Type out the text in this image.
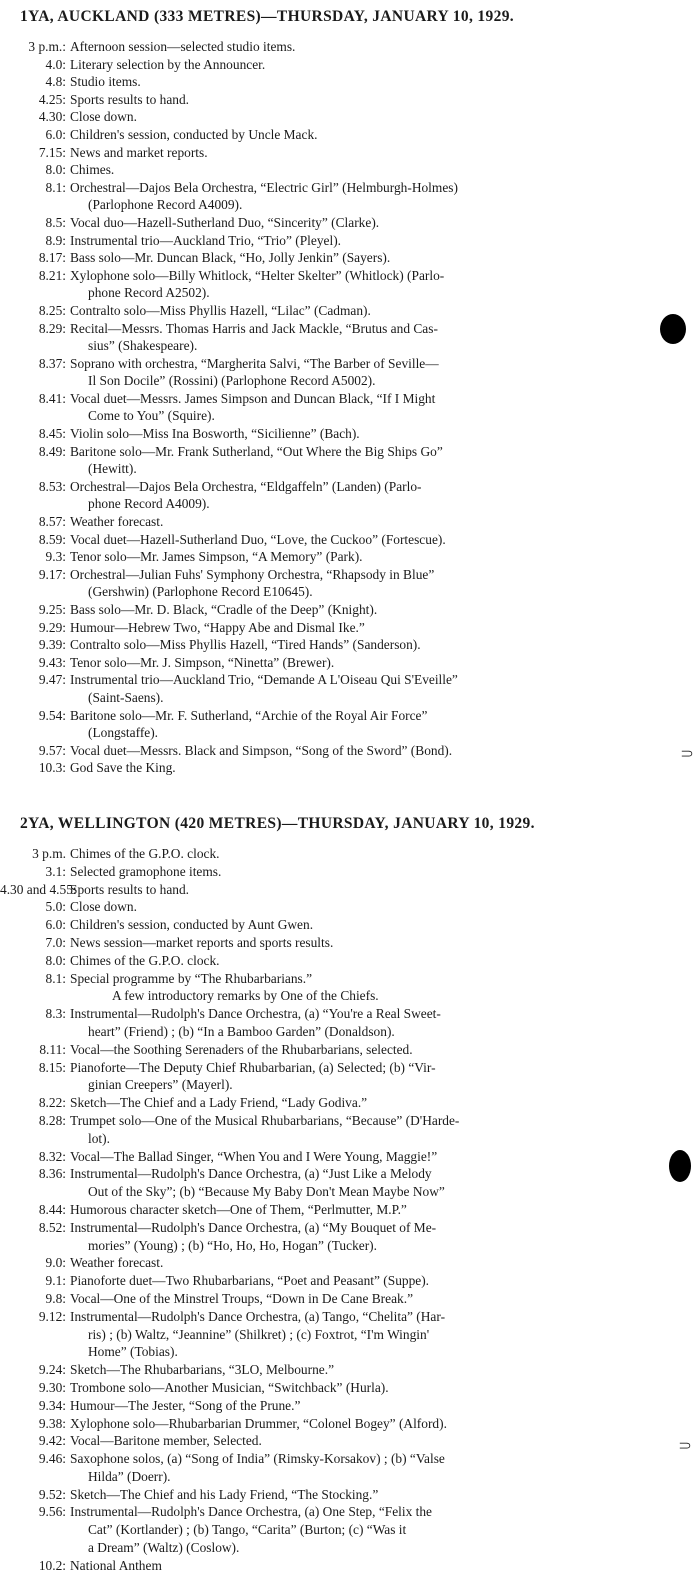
1YA, AUCKLAND (333 METRES)—THURSDAY, JANUARY 10, 1929.
3 p.m.: Afternoon session—selected studio items.
4.0: Literary selection by the Announcer.
4.8: Studio items.
4.25: Sports results to hand.
4.30: Close down.
6.0: Children's session, conducted by Uncle Mack.
7.15: News and market reports.
8.0: Chimes.
8.1: Orchestral—Dajos Bela Orchestra, “Electric Girl” (Helmburgh-Holmes)
(Parlophone Record A4009).
8.5: Vocal duo—Hazell-Sutherland Duo, “Sincerity” (Clarke).
8.9: Instrumental trio—Auckland Trio, “Trio” (Pleyel).
8.17: Bass solo—Mr. Duncan Black, “Ho, Jolly Jenkin” (Sayers).
8.21: Xylophone solo—Billy Whitlock, “Helter Skelter” (Whitlock) (Parlo-
phone Record A2502).
8.25: Contralto solo—Miss Phyllis Hazell, “Lilac” (Cadman).
8.29: Recital—Messrs. Thomas Harris and Jack Mackle, “Brutus and Cas-
sius” (Shakespeare).
8.37: Soprano with orchestra, “Margherita Salvi, “The Barber of Seville—
Il Son Docile” (Rossini) (Parlophone Record A5002).
8.41: Vocal duet—Messrs. James Simpson and Duncan Black, “If I Might
Come to You” (Squire).
8.45: Violin solo—Miss Ina Bosworth, “Sicilienne” (Bach).
8.49: Baritone solo—Mr. Frank Sutherland, “Out Where the Big Ships Go”
(Hewitt).
8.53: Orchestral—Dajos Bela Orchestra, “Eldgaffeln” (Landen) (Parlo-
phone Record A4009).
8.57: Weather forecast.
8.59: Vocal duet—Hazell-Sutherland Duo, “Love, the Cuckoo” (Fortescue).
9.3: Tenor solo—Mr. James Simpson, “A Memory” (Park).
9.17: Orchestral—Julian Fuhs' Symphony Orchestra, “Rhapsody in Blue”
(Gershwin) (Parlophone Record E10645).
9.25: Bass solo—Mr. D. Black, “Cradle of the Deep” (Knight).
9.29: Humour—Hebrew Two, “Happy Abe and Dismal Ike.”
9.39: Contralto solo—Miss Phyllis Hazell, “Tired Hands” (Sanderson).
9.43: Tenor solo—Mr. J. Simpson, “Ninetta” (Brewer).
9.47: Instrumental trio—Auckland Trio, “Demande A L'Oiseau Qui S'Eveille”
(Saint-Saens).
9.54: Baritone solo—Mr. F. Sutherland, “Archie of the Royal Air Force”
(Longstaffe).
9.57: Vocal duet—Messrs. Black and Simpson, “Song of the Sword” (Bond).
10.3: God Save the King.
2YA, WELLINGTON (420 METRES)—THURSDAY, JANUARY 10, 1929.
3 p.m. Chimes of the G.P.O. clock.
3.1: Selected gramophone items.
4.30 and 4.55:
Sports results to hand.
5.0: Close down.
6.0: Children's session, conducted by Aunt Gwen.
7.0: News session—market reports and sports results.
8.0: Chimes of the G.P.O. clock.
8.1: Special programme by “The Rhubarbarians.”
A few introductory remarks by One of the Chiefs.
8.3: Instrumental—Rudolph's Dance Orchestra, (a) “You're a Real Sweet-
heart” (Friend) ; (b) “In a Bamboo Garden” (Donaldson).
8.11: Vocal—the Soothing Serenaders of the Rhubarbarians, selected.
8.15: Pianoforte—The Deputy Chief Rhubarbarian, (a) Selected; (b) “Vir-
ginian Creepers” (Mayerl).
8.22: Sketch—The Chief and a Lady Friend, “Lady Godiva.”
8.28: Trumpet solo—One of the Musical Rhubarbarians, “Because” (D'Harde-
lot).
8.32: Vocal—The Ballad Singer, “When You and I Were Young, Maggie!”
8.36: Instrumental—Rudolph's Dance Orchestra, (a) “Just Like a Melody
Out of the Sky”; (b) “Because My Baby Don't Mean Maybe Now”
8.44: Humorous character sketch—One of Them, “Perlmutter, M.P.”
8.52: Instrumental—Rudolph's Dance Orchestra, (a) “My Bouquet of Me-
mories” (Young) ; (b) “Ho, Ho, Ho, Hogan” (Tucker).
9.0: Weather forecast.
9.1: Pianoforte duet—Two Rhubarbarians, “Poet and Peasant” (Suppe).
9.8: Vocal—One of the Minstrel Troups, “Down in De Cane Break.”
9.12: Instrumental—Rudolph's Dance Orchestra, (a) Tango, “Chelita” (Har-
ris) ; (b) Waltz, “Jeannine” (Shilkret) ; (c) Foxtrot, “I'm Wingin'
Home” (Tobias).
9.24: Sketch—The Rhubarbarians, “3LO, Melbourne.”
9.30: Trombone solo—Another Musician, “Switchback” (Hurla).
9.34: Humour—The Jester, “Song of the Prune.”
9.38: Xylophone solo—Rhubarbarian Drummer, “Colonel Bogey” (Alford).
9.42: Vocal—Baritone member, Selected.
9.46: Saxophone solos, (a) “Song of India” (Rimsky-Korsakov) ; (b) “Valse
Hilda” (Doerr).
9.52: Sketch—The Chief and his Lady Friend, “The Stocking.”
9.56: Instrumental—Rudolph's Dance Orchestra, (a) One Step, “Felix the
Cat” (Kortlander) ; (b) Tango, “Carita” (Burton; (c) “Was it
a Dream” (Waltz) (Coslow).
10.2: National Anthem
⸧
⸧
